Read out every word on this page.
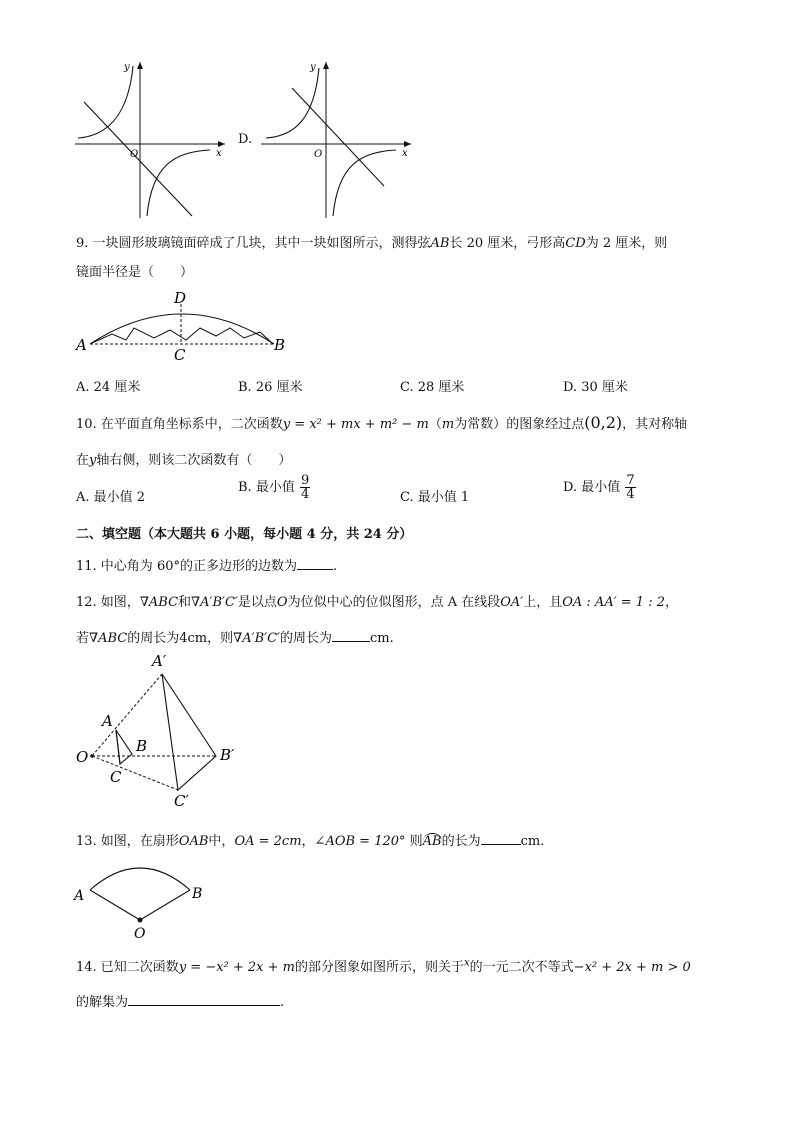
y
x
O
D.
y
x
O
9. 一块圆形玻璃镜面碎成了几块，其中一块如图所示，测得弦AB长 20 厘米，弓形高CD为 2 厘米，则
镜面半径是（　　）
A	B
C
D
A. 24 厘米	B. 26 厘米	C. 28 厘米	D. 30 厘米
10. 在平面直角坐标系中，二次函数y = x² + mx + m² − m（m为常数）的图象经过点(0,2)，其对称轴
在y轴右侧，则该二次函数有（　　）
A. 最小值 2
B. 最小值 $\frac{9}{4}$	C. 最小值 1
D. 最小值 $\frac{7}{4}$
二、填空题（本大题共 6 小题，每小题 4 分，共 24 分）
11. 中心角为 60°的正多边形的边数为	.
12. 如图，∇ABC和∇A′B′C′是以点O为位似中心的位似图形，点 A 在线段OA′上，且OA : AA′ = 1 : 2，
若∇ABC的周长为4cm，则∇A′B′C′的周长为	cm.
A′
A
B	B′
O
C
C′
13. 如图，在扇形OAB中，OA = 2cm，∠AOB = 120° 则AB的长为	cm.
A	B
O
14. 已知二次函数y = −x² + 2x + m的部分图象如图所示，则关于$^x$的一元二次不等式−x² + 2x + m > 0
的解集为	.
